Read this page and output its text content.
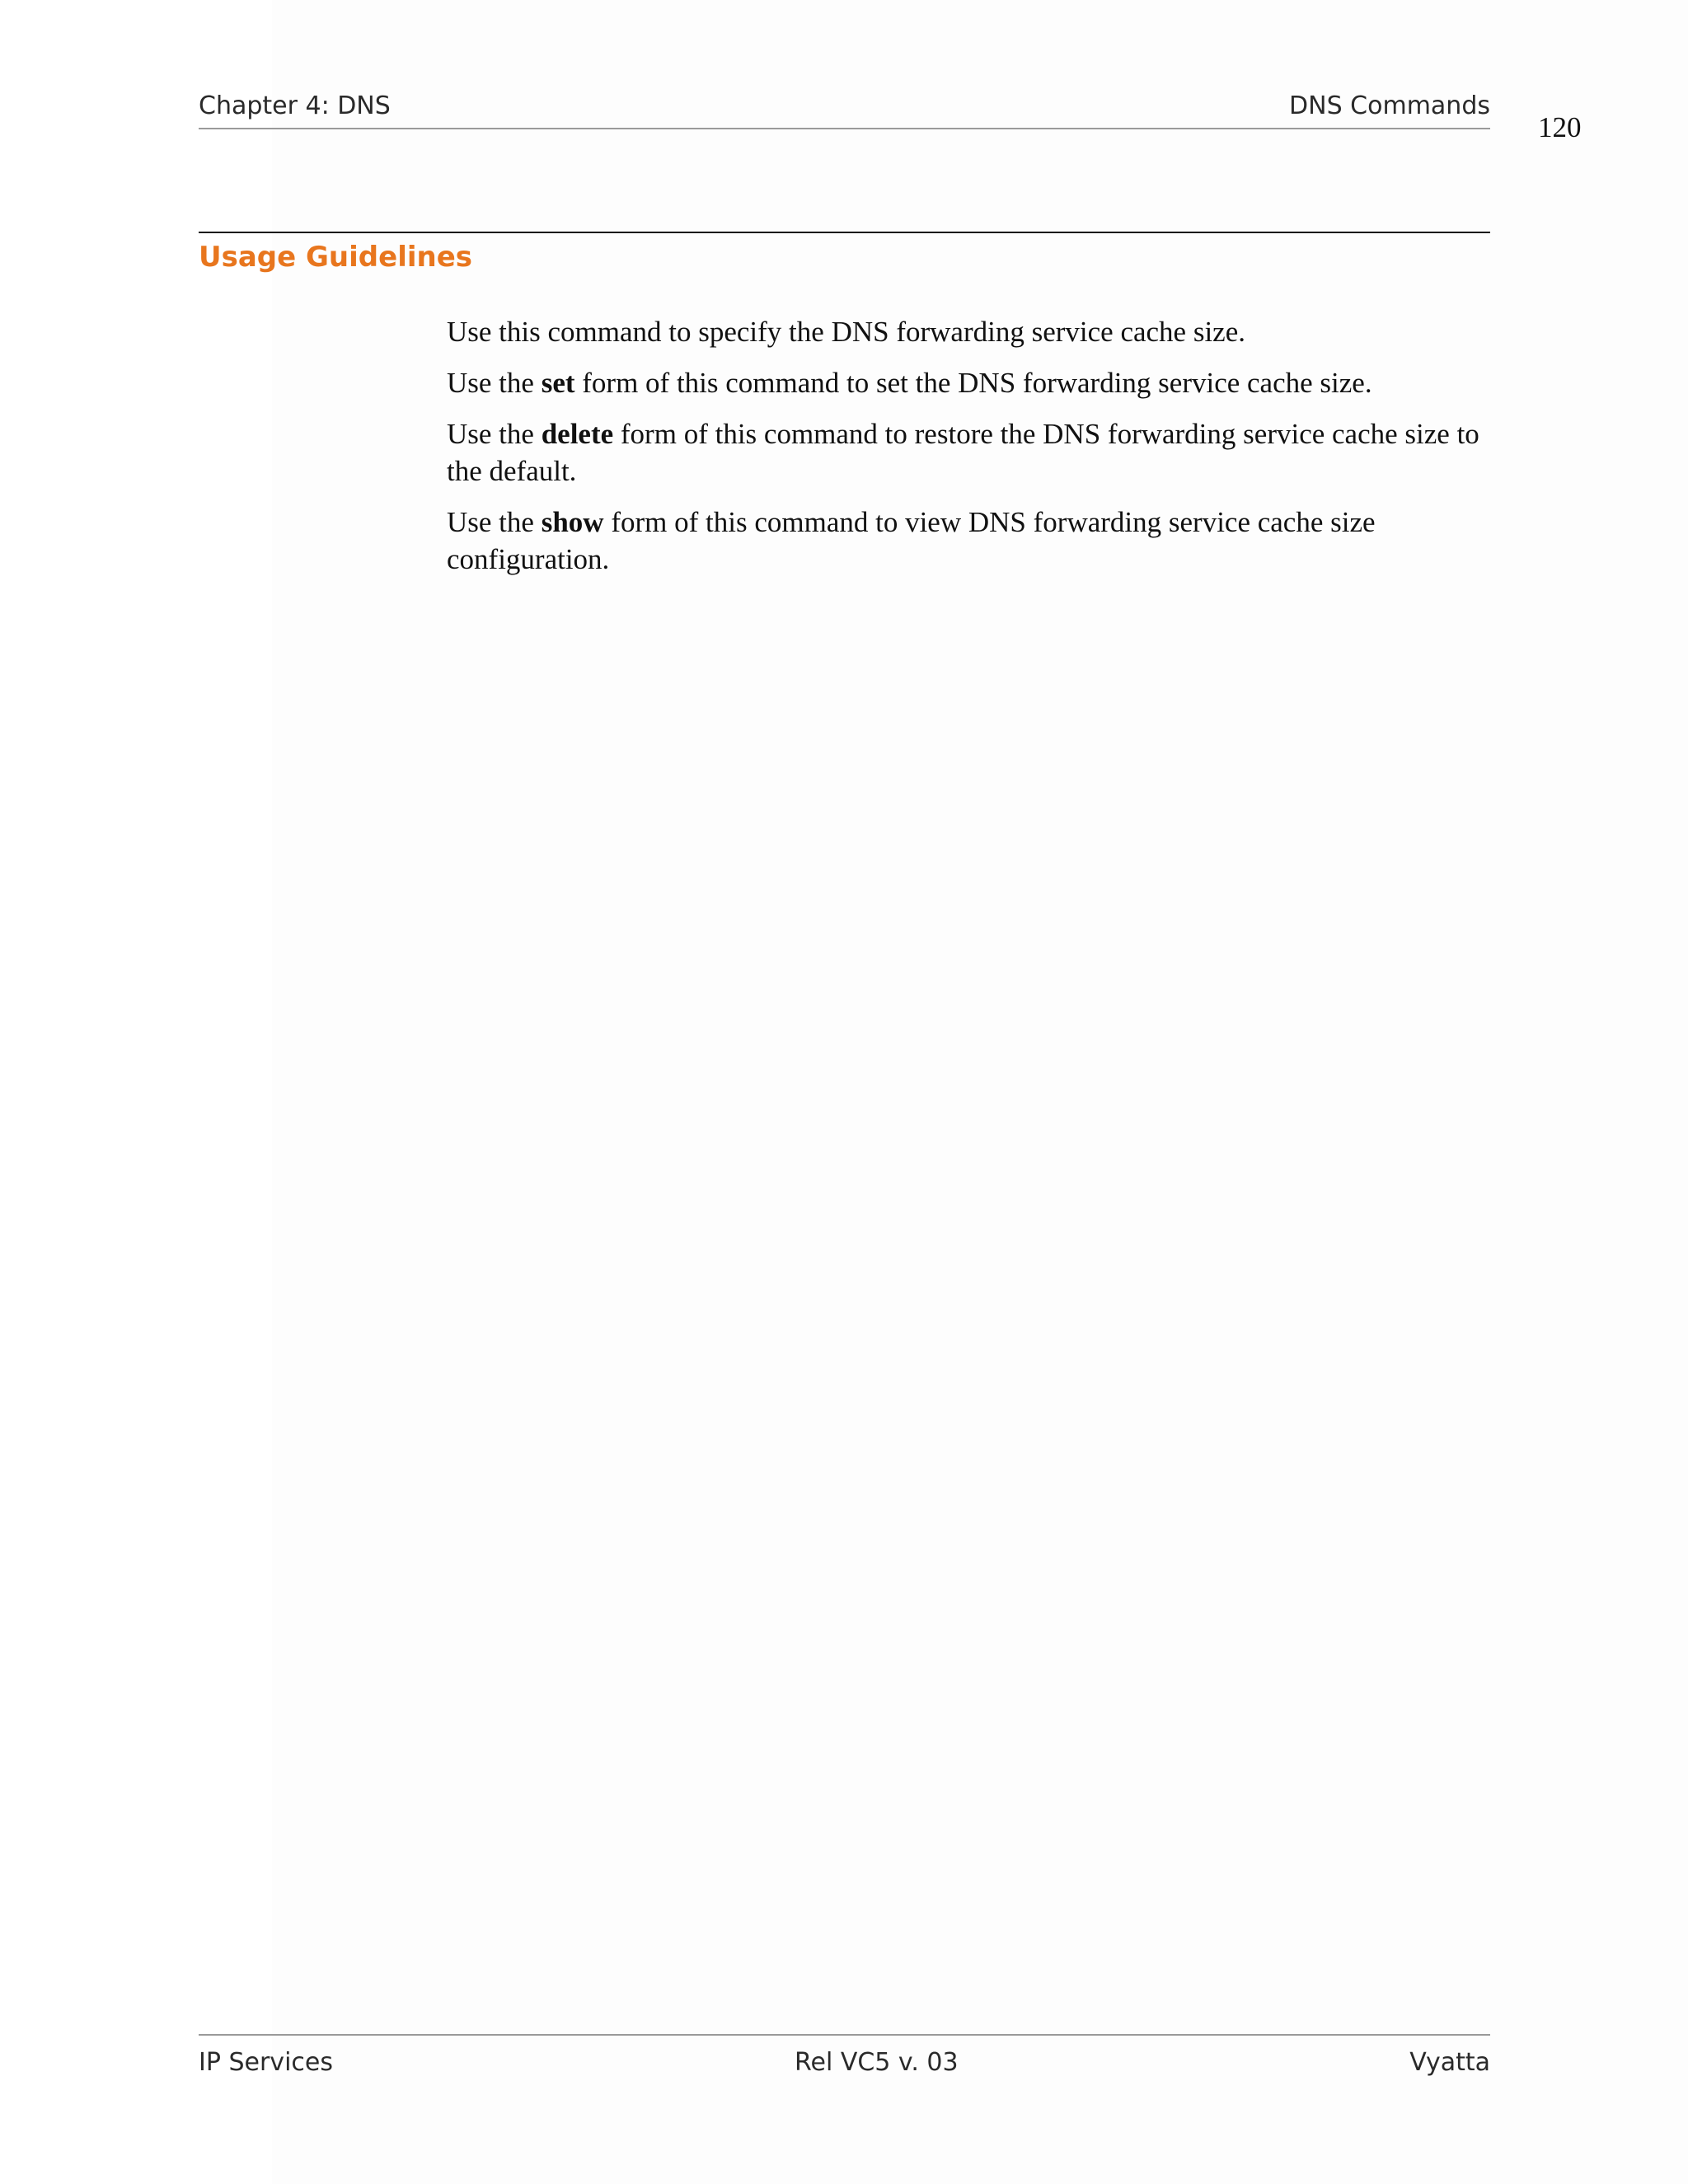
Chapter 4: DNS	DNS Commands
120
Usage Guidelines

Use this command to specify the DNS forwarding service cache size.

Use the set form of this command to set the DNS forwarding service cache size.

Use the delete form of this command to restore the DNS forwarding service cache size to the default.

Use the show form of this command to view DNS forwarding service cache size configuration.

IP Services	Rel VC5 v. 03	Vyatta
